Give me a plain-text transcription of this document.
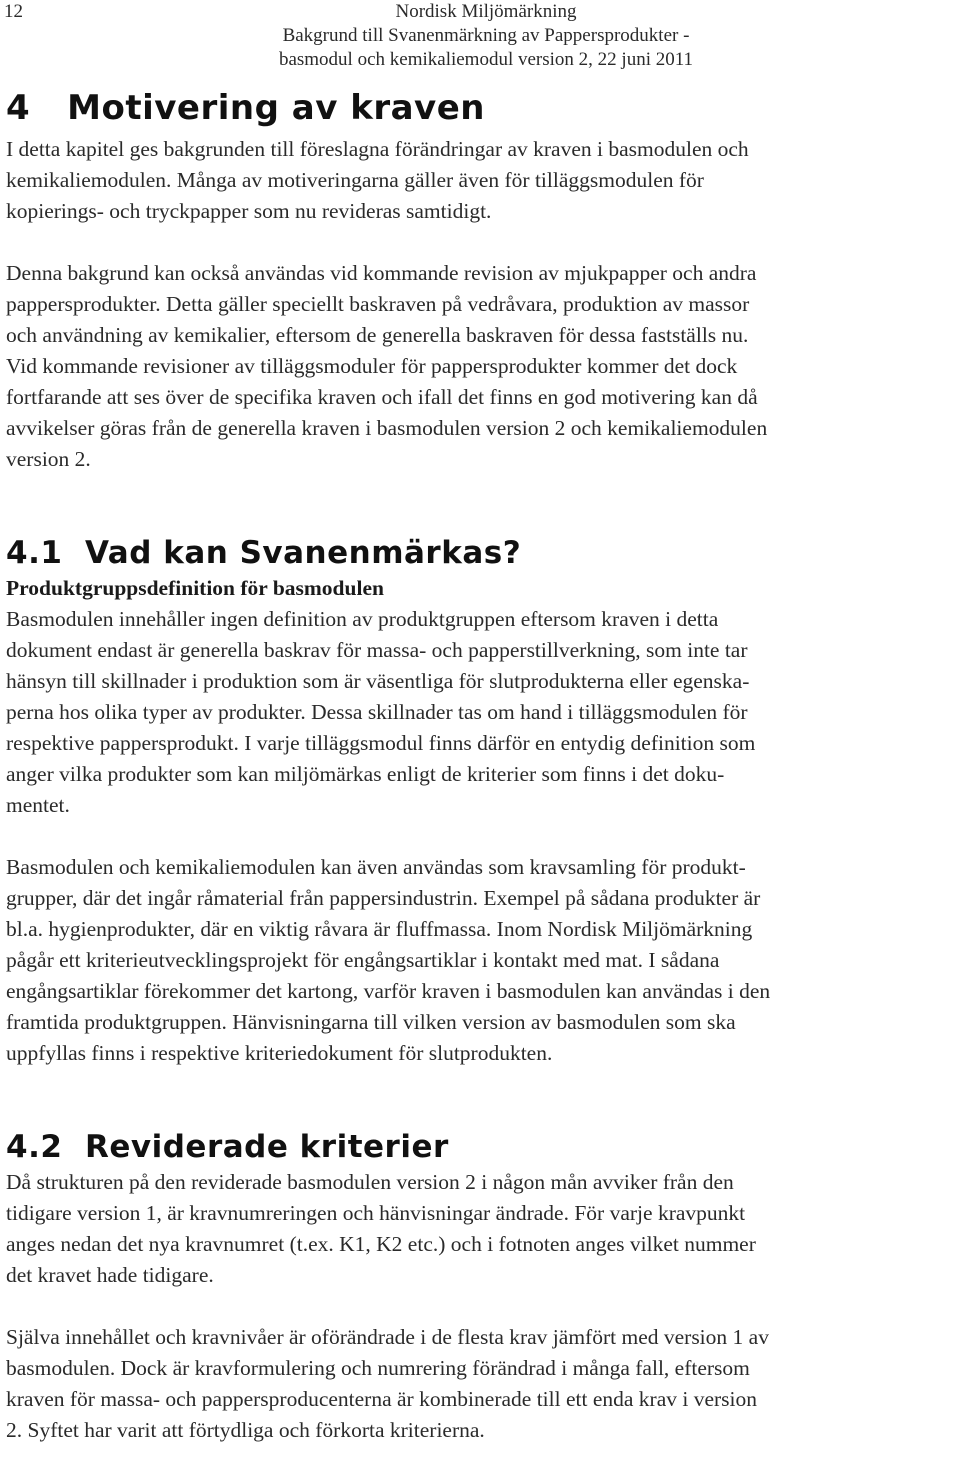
12	Nordisk Miljömärkning
Bakgrund till Svanenmärkning av Pappersprodukter -
basmodul och kemikaliemodul version 2, 22 juni 2011
4   Motivering av kraven

I detta kapitel ges bakgrunden till föreslagna förändringar av kraven i basmodulen och
kemikaliemodulen. Många av motiveringarna gäller även för tilläggsmodulen för
kopierings- och tryckpapper som nu revideras samtidigt.

Denna bakgrund kan också användas vid kommande revision av mjukpapper och andra
pappersprodukter. Detta gäller speciellt baskraven på vedråvara, produktion av massor
och användning av kemikalier, eftersom de generella baskraven för dessa fastställs nu.
Vid kommande revisioner av tilläggsmoduler för pappersprodukter kommer det dock
fortfarande att ses över de specifika kraven och ifall det finns en god motivering kan då
avvikelser göras från de generella kraven i basmodulen version 2 och kemikaliemodulen
version 2.

4.1  Vad kan Svanenmärkas?
Produktgruppsdefinition för basmodulen

Basmodulen innehåller ingen definition av produktgruppen eftersom kraven i detta
dokument endast är generella baskrav för massa- och papperstillverkning, som inte tar
hänsyn till skillnader i produktion som är väsentliga för slutprodukterna eller egenska-
perna hos olika typer av produkter. Dessa skillnader tas om hand i tilläggsmodulen för
respektive pappersprodukt. I varje tilläggsmodul finns därför en entydig definition som
anger vilka produkter som kan miljömärkas enligt de kriterier som finns i det doku-
mentet.

Basmodulen och kemikaliemodulen kan även användas som kravsamling för produkt-
grupper, där det ingår råmaterial från pappersindustrin. Exempel på sådana produkter är
bl.a. hygienprodukter, där en viktig råvara är fluffmassa. Inom Nordisk Miljömärkning
pågår ett kriterieutvecklingsprojekt för engångsartiklar i kontakt med mat. I sådana
engångsartiklar förekommer det kartong, varför kraven i basmodulen kan användas i den
framtida produktgruppen. Hänvisningarna till vilken version av basmodulen som ska
uppfyllas finns i respektive kriteriedokument för slutprodukten.

4.2  Reviderade kriterier

Då strukturen på den reviderade basmodulen version 2 i någon mån avviker från den
tidigare version 1, är kravnumreringen och hänvisningar ändrade. För varje kravpunkt
anges nedan det nya kravnumret (t.ex. K1, K2 etc.) och i fotnoten anges vilket nummer
det kravet hade tidigare.

Själva innehållet och kravnivåer är oförändrade i de flesta krav jämfört med version 1 av
basmodulen. Dock är kravformulering och numrering förändrad i många fall, eftersom
kraven för massa- och pappersproducenterna är kombinerade till ett enda krav i version
2. Syftet har varit att förtydliga och förkorta kriterierna.
